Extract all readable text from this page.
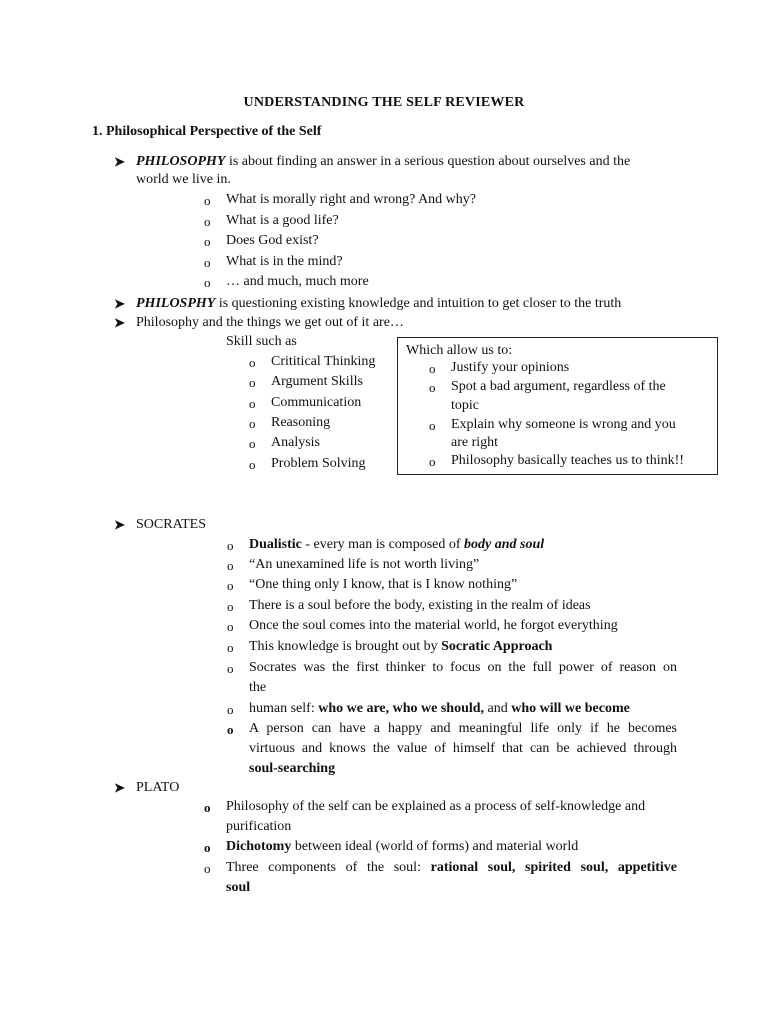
UNDERSTANDING THE SELF REVIEWER
1. Philosophical Perspective of the Self
➤ PHILOSOPHY is about finding an answer in a serious question about ourselves and the
world we live in.
o What is morally right and wrong? And why?
o What is a good life?
o Does God exist?
o What is in the mind?
o … and much, much more
➤ PHILOSPHY is questioning existing knowledge and intuition to get closer to the truth
➤ Philosophy and the things we get out of it are…
Skill such as
o Crititical Thinking
o Argument Skills
o Communication
o Reasoning
o Analysis
o Problem Solving
Which allow us to:
o Justify your opinions
o Spot a bad argument, regardless of the
topic
o Explain why someone is wrong and you
are right
o Philosophy basically teaches us to think!!
➤ SOCRATES
o Dualistic - every man is composed of body and soul
o “An unexamined life is not worth living”
o “One thing only I know, that is I know nothing”
o There is a soul before the body, existing in the realm of ideas
o Once the soul comes into the material world, he forgot everything
o This knowledge is brought out by Socratic Approach
o Socrates was the first thinker to focus on the full power of reason on
the
o human self: who we are, who we should, and who will we become
o A person can have a happy and meaningful life only if he becomes
virtuous and knows the value of himself that can be achieved through
soul-searching
➤ PLATO
o Philosophy of the self can be explained as a process of self-knowledge and
purification
o Dichotomy between ideal (world of forms) and material world
o Three components of the soul: rational soul, spirited soul, appetitive
soul
